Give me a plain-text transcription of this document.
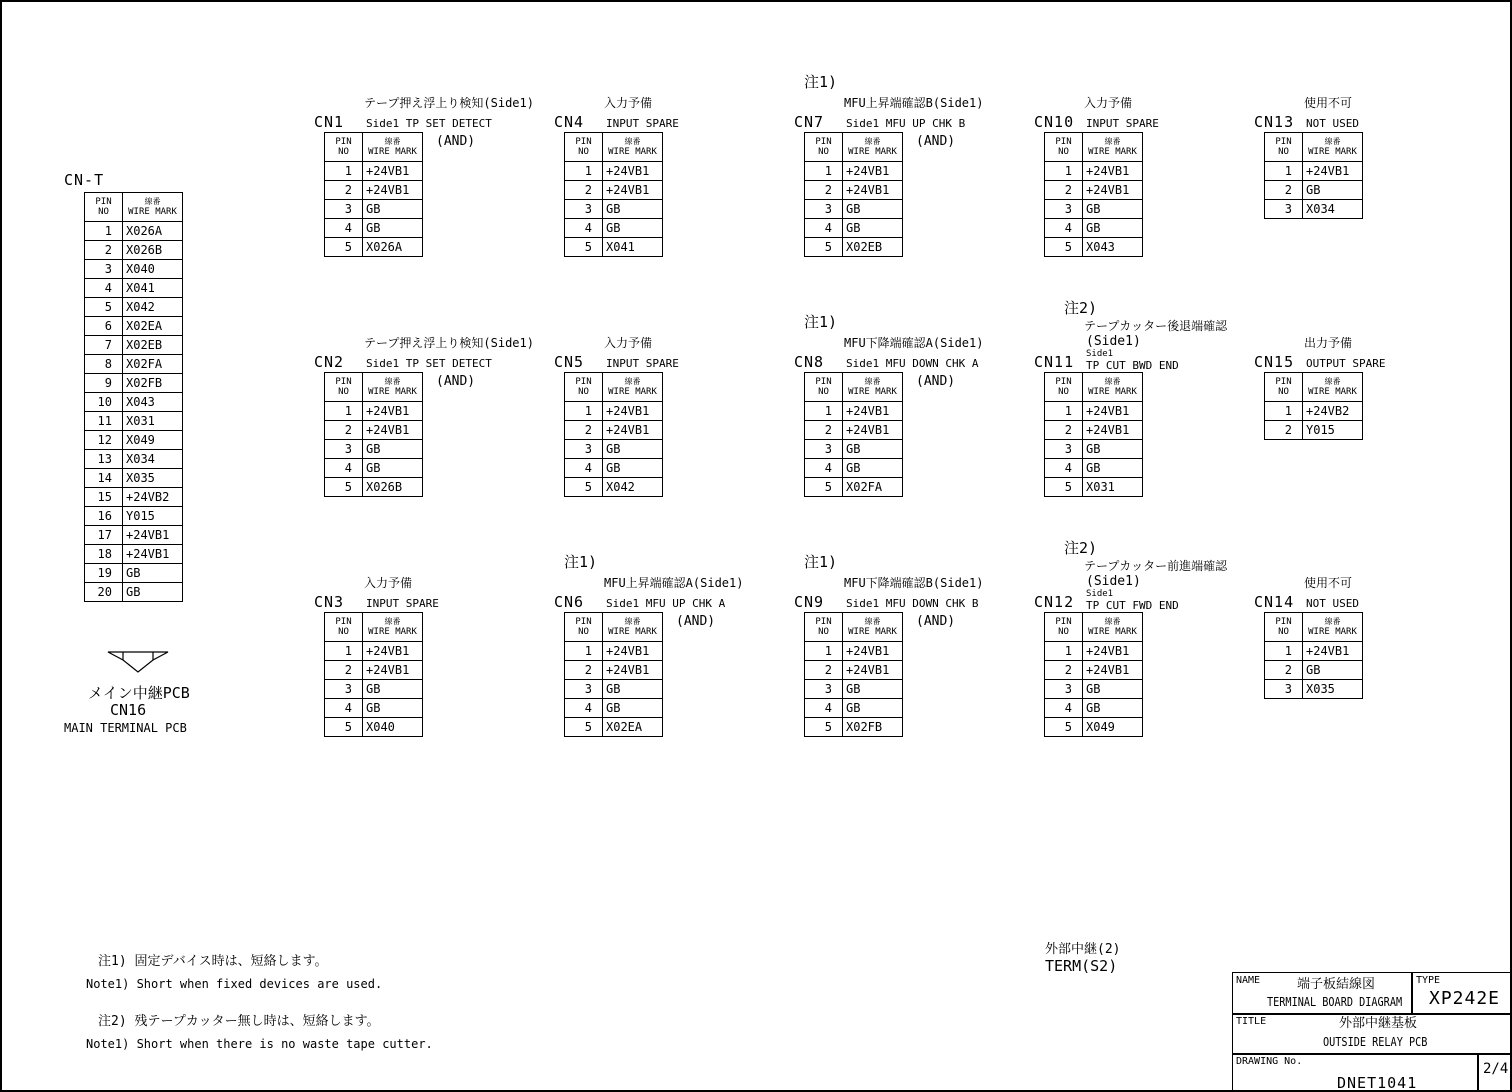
CN-T
PIN
NO	線番
WIRE MARK
1	X026A
2	X026B
3	X040
4	X041
5	X042
6	X02EA
7	X02EB
8	X02FA
9	X02FB
10	X043
11	X031
12	X049
13	X034
14	X035
15	+24VB2
16	Y015
17	+24VB1
18	+24VB1
19	GB
20	GB
メイン中継PCB
CN16
MAIN TERMINAL PCB
CN1
テープ押え浮上り検知(Side1)
Side1 TP SET DETECT
(AND)
PIN
NO	線番
WIRE MARK
1	+24VB1
2	+24VB1
3	GB
4	GB
5	X026A
CN4
入力予備
INPUT SPARE
PIN
NO	線番
WIRE MARK
1	+24VB1
2	+24VB1
3	GB
4	GB
5	X041
CN7
MFU上昇端確認B(Side1)
Side1 MFU UP CHK B
注1)
(AND)
PIN
NO	線番
WIRE MARK
1	+24VB1
2	+24VB1
3	GB
4	GB
5	X02EB
CN10
入力予備
INPUT SPARE
PIN
NO	線番
WIRE MARK
1	+24VB1
2	+24VB1
3	GB
4	GB
5	X043
CN13
使用不可
NOT USED
PIN
NO	線番
WIRE MARK
1	+24VB1
2	GB
3	X034
CN2
テープ押え浮上り検知(Side1)
Side1 TP SET DETECT
(AND)
PIN
NO	線番
WIRE MARK
1	+24VB1
2	+24VB1
3	GB
4	GB
5	X026B
CN5
入力予備
INPUT SPARE
PIN
NO	線番
WIRE MARK
1	+24VB1
2	+24VB1
3	GB
4	GB
5	X042
CN8
MFU下降端確認A(Side1)
Side1 MFU DOWN CHK A
注1)
(AND)
PIN
NO	線番
WIRE MARK
1	+24VB1
2	+24VB1
3	GB
4	GB
5	X02FA
CN11
テープカッター後退端確認
(Side1)
Side1
TP CUT BWD END
注2)
PIN
NO	線番
WIRE MARK
1	+24VB1
2	+24VB1
3	GB
4	GB
5	X031
CN15
出力予備
OUTPUT SPARE
PIN
NO	線番
WIRE MARK
1	+24VB2
2	Y015
CN3
入力予備
INPUT SPARE
PIN
NO	線番
WIRE MARK
1	+24VB1
2	+24VB1
3	GB
4	GB
5	X040
CN6
MFU上昇端確認A(Side1)
Side1 MFU UP CHK A
注1)
(AND)
PIN
NO	線番
WIRE MARK
1	+24VB1
2	+24VB1
3	GB
4	GB
5	X02EA
CN9
MFU下降端確認B(Side1)
Side1 MFU DOWN CHK B
注1)
(AND)
PIN
NO	線番
WIRE MARK
1	+24VB1
2	+24VB1
3	GB
4	GB
5	X02FB
CN12
テープカッター前進端確認
(Side1)
Side1
TP CUT FWD END
注2)
PIN
NO	線番
WIRE MARK
1	+24VB1
2	+24VB1
3	GB
4	GB
5	X049
CN14
使用不可
NOT USED
PIN
NO	線番
WIRE MARK
1	+24VB1
2	GB
3	X035
注1) 固定デバイス時は、短絡します。
Note1) Short when fixed devices are used.
注2) 残テープカッター無し時は、短絡します。
Note1) Short when there is no waste tape cutter.
外部中継(2)
TERM(S2)
NAME	端子板結線図
TERMINAL BOARD DIAGRAM
TYPE
XP242E
TITLE	外部中継基板
OUTSIDE RELAY PCB
DRAWING No.
DNET1041
2/4
